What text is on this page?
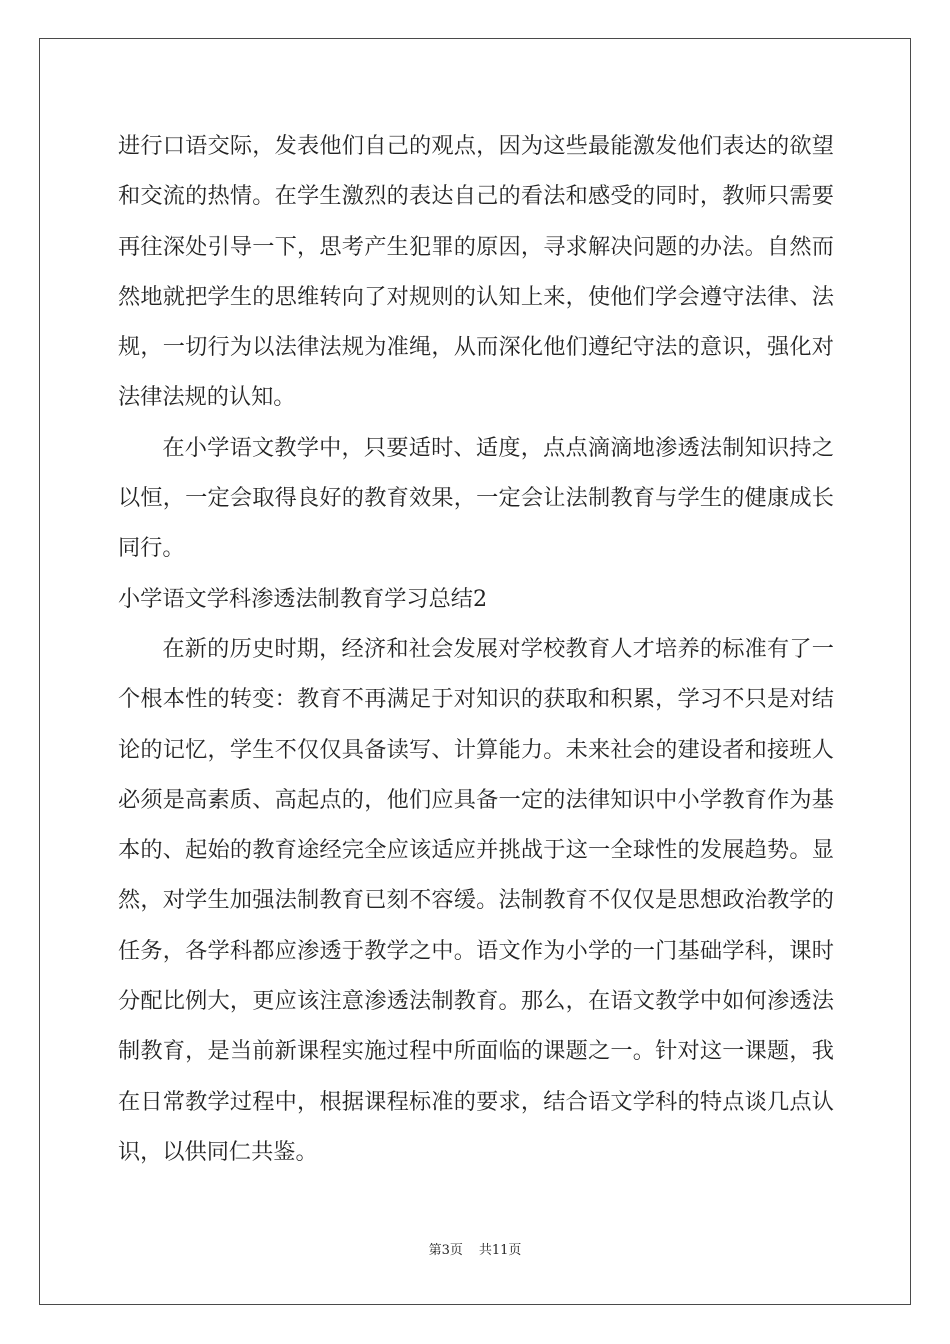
进行口语交际，发表他们自己的观点，因为这些最能激发他们表达的欲望和交流的热情。在学生激烈的表达自己的看法和感受的同时，教师只需要再往深处引导一下，思考产生犯罪的原因，寻求解决问题的办法。自然而然地就把学生的思维转向了对规则的认知上来，使他们学会遵守法律、法规，一切行为以法律法规为准绳，从而深化他们遵纪守法的意识，强化对法律法规的认知。

在小学语文教学中，只要适时、适度，点点滴滴地渗透法制知识持之以恒，一定会取得良好的教育效果，一定会让法制教育与学生的健康成长同行。

小学语文学科渗透法制教育学习总结2

在新的历史时期，经济和社会发展对学校教育人才培养的标准有了一个根本性的转变：教育不再满足于对知识的获取和积累，学习不只是对结论的记忆，学生不仅仅具备读写、计算能力。未来社会的建设者和接班人必须是高素质、高起点的，他们应具备一定的法律知识中小学教育作为基本的、起始的教育途经完全应该适应并挑战于这一全球性的发展趋势。显然，对学生加强法制教育已刻不容缓。法制教育不仅仅是思想政治教学的任务，各学科都应渗透于教学之中。语文作为小学的一门基础学科，课时分配比例大，更应该注意渗透法制教育。那么，在语文教学中如何渗透法制教育，是当前新课程实施过程中所面临的课题之一。针对这一课题，我在日常教学过程中，根据课程标准的要求，结合语文学科的特点谈几点认识，以供同仁共鉴。

第3页 共11页
